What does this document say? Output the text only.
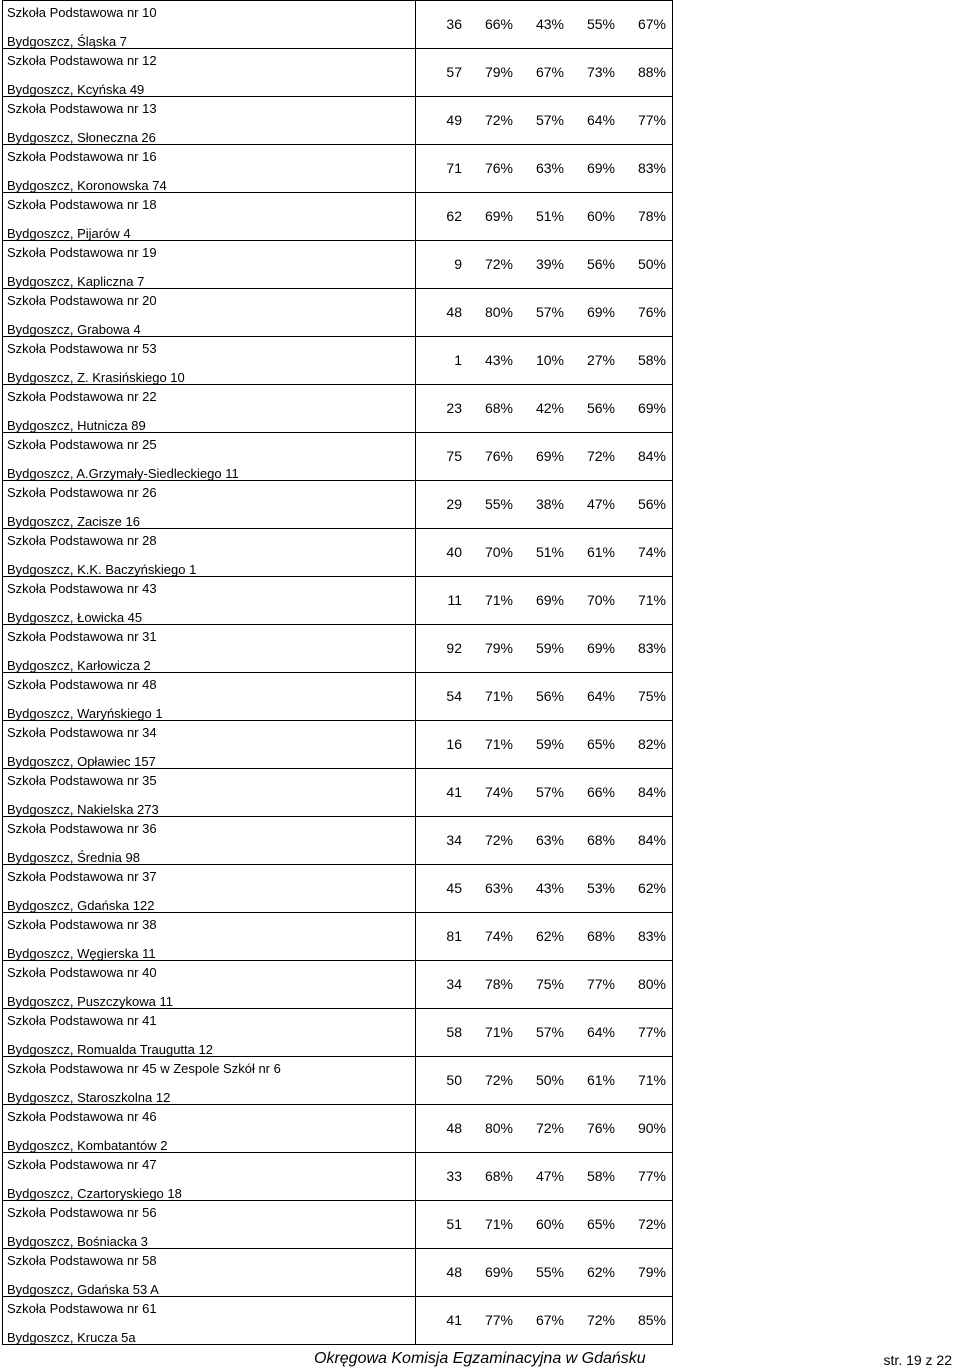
Szkoła Podstawowa nr 10
Bydgoszcz, Śląska 7	36 66% 43% 55% 67%

Szkoła Podstawowa nr 12
Bydgoszcz, Kcyńska 49	57 79% 67% 73% 88%

Szkoła Podstawowa nr 13
Bydgoszcz, Słoneczna 26	49 72% 57% 64% 77%

Szkoła Podstawowa nr 16
Bydgoszcz, Koronowska 74	71 76% 63% 69% 83%

Szkoła Podstawowa nr 18
Bydgoszcz, Pijarów 4	62 69% 51% 60% 78%

Szkoła Podstawowa nr 19
Bydgoszcz, Kapliczna 7	9 72% 39% 56% 50%

Szkoła Podstawowa nr 20
Bydgoszcz, Grabowa 4	48 80% 57% 69% 76%

Szkoła Podstawowa nr 53
Bydgoszcz, Z. Krasińskiego 10	1 43% 10% 27% 58%

Szkoła Podstawowa nr 22
Bydgoszcz, Hutnicza 89	23 68% 42% 56% 69%

Szkoła Podstawowa nr 25
Bydgoszcz, A.Grzymały-Siedleckiego 11	75 76% 69% 72% 84%

Szkoła Podstawowa nr 26
Bydgoszcz, Zacisze 16	29 55% 38% 47% 56%

Szkoła Podstawowa nr 28
Bydgoszcz, K.K. Baczyńskiego 1	40 70% 51% 61% 74%

Szkoła Podstawowa nr 43
Bydgoszcz, Łowicka 45	11 71% 69% 70% 71%

Szkoła Podstawowa nr 31
Bydgoszcz, Karłowicza 2	92 79% 59% 69% 83%

Szkoła Podstawowa nr 48
Bydgoszcz, Waryńskiego 1	54 71% 56% 64% 75%

Szkoła Podstawowa nr 34
Bydgoszcz, Opławiec 157	16 71% 59% 65% 82%

Szkoła Podstawowa nr 35
Bydgoszcz, Nakielska 273	41 74% 57% 66% 84%

Szkoła Podstawowa nr 36
Bydgoszcz, Średnia 98	34 72% 63% 68% 84%

Szkoła Podstawowa nr 37
Bydgoszcz, Gdańska 122	45 63% 43% 53% 62%

Szkoła Podstawowa nr 38
Bydgoszcz, Węgierska 11	81 74% 62% 68% 83%

Szkoła Podstawowa nr 40
Bydgoszcz, Puszczykowa 11	34 78% 75% 77% 80%

Szkoła Podstawowa nr 41
Bydgoszcz, Romualda Traugutta 12	58 71% 57% 64% 77%

Szkoła Podstawowa nr 45 w Zespole Szkół nr 6
Bydgoszcz, Staroszkolna 12	50 72% 50% 61% 71%

Szkoła Podstawowa nr 46
Bydgoszcz, Kombatantów 2	48 80% 72% 76% 90%

Szkoła Podstawowa nr 47
Bydgoszcz, Czartoryskiego 18	33 68% 47% 58% 77%

Szkoła Podstawowa nr 56
Bydgoszcz, Bośniacka 3	51 71% 60% 65% 72%

Szkoła Podstawowa nr 58
Bydgoszcz, Gdańska 53 A	48 69% 55% 62% 79%

Szkoła Podstawowa nr 61
Bydgoszcz, Krucza 5a	41 77% 67% 72% 85%
Okręgowa Komisja Egzaminacyjna w Gdańsku	str. 19 z 22
